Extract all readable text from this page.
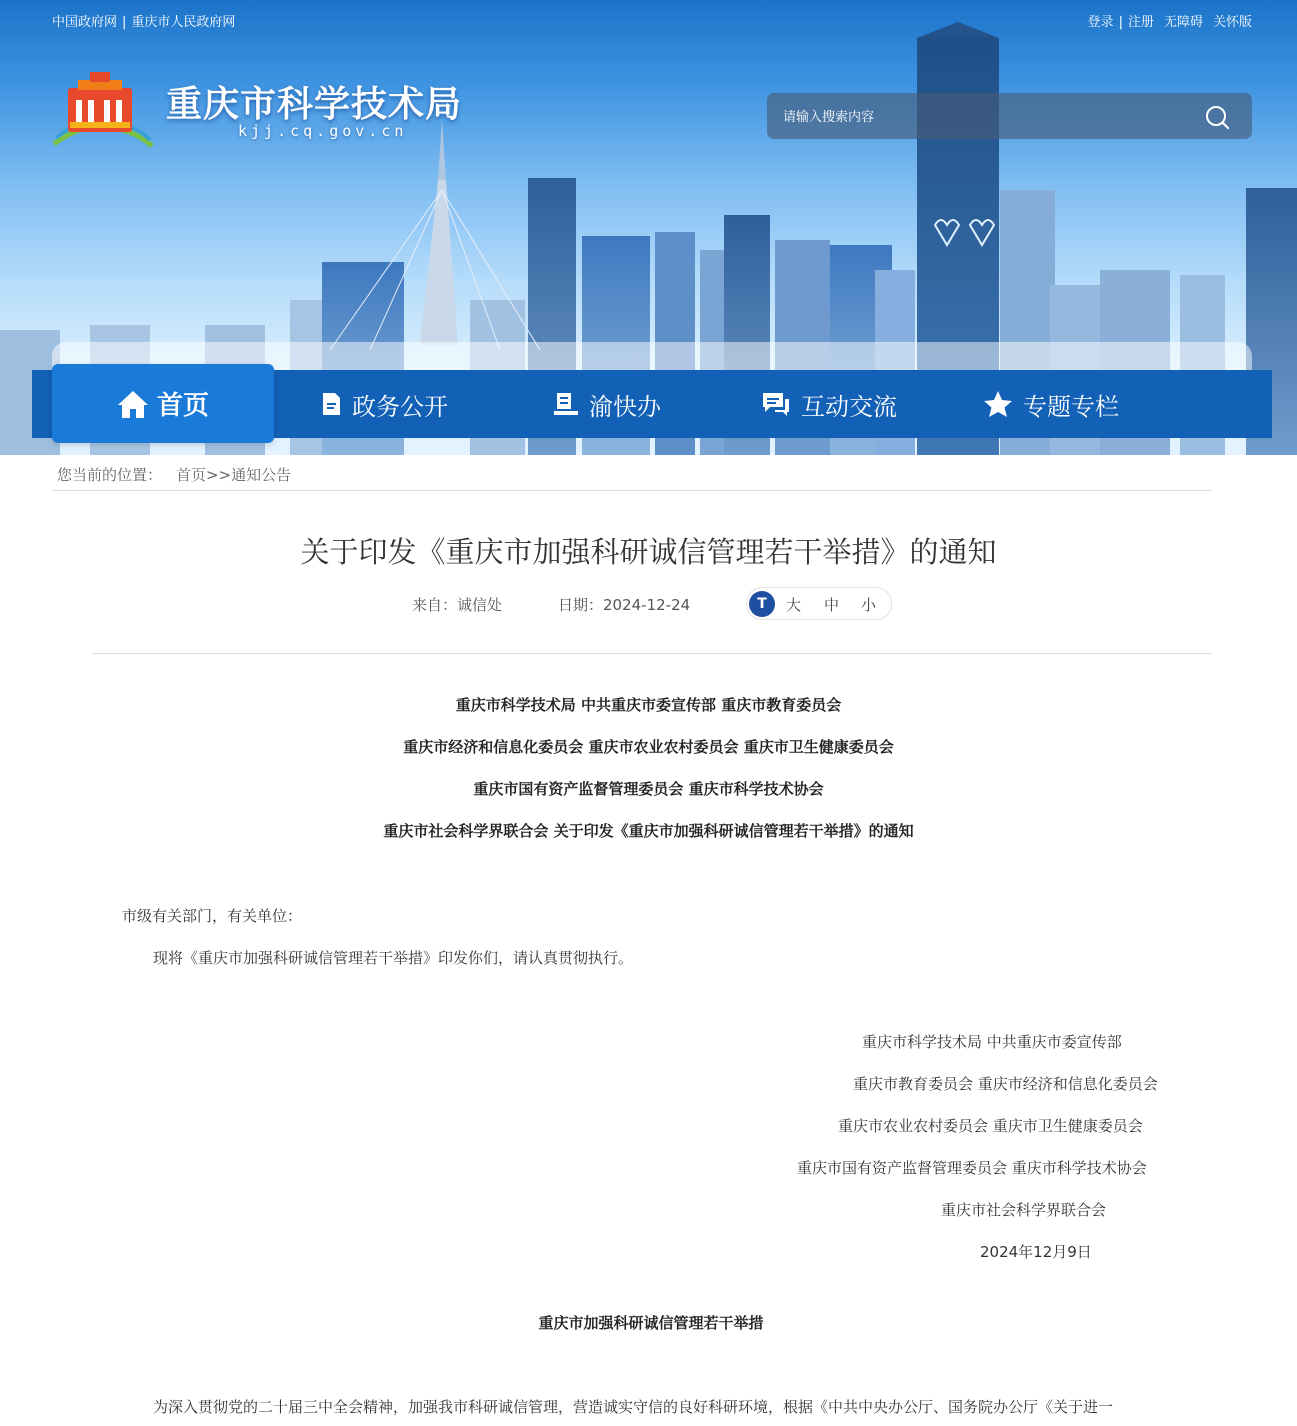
中国政府网 | 重庆市人民政府网	登录 | 注册 无障碍 关怀版
重庆市科学技术局
kjj.cq.gov.cn
请输入搜索内容
首页	政务公开	渝快办	互动交流	专题专栏
您当前的位置： 首页>>通知公告
关于印发《重庆市加强科研诚信管理若干举措》的通知
来自：诚信处	日期：2024-12-24	T	大 中 小
重庆市科学技术局 中共重庆市委宣传部 重庆市教育委员会
重庆市经济和信息化委员会 重庆市农业农村委员会 重庆市卫生健康委员会
重庆市国有资产监督管理委员会 重庆市科学技术协会
重庆市社会科学界联合会 关于印发《重庆市加强科研诚信管理若干举措》的通知
市级有关部门，有关单位：
现将《重庆市加强科研诚信管理若干举措》印发你们，请认真贯彻执行。
重庆市科学技术局 中共重庆市委宣传部
重庆市教育委员会 重庆市经济和信息化委员会
重庆市农业农村委员会 重庆市卫生健康委员会
重庆市国有资产监督管理委员会 重庆市科学技术协会
重庆市社会科学界联合会
2024年12月9日
重庆市加强科研诚信管理若干举措
为深入贯彻党的二十届三中全会精神，加强我市科研诚信管理，营造诚实守信的良好科研环境，根据《中共中央办公厅、国务院办公厅《关于进一
